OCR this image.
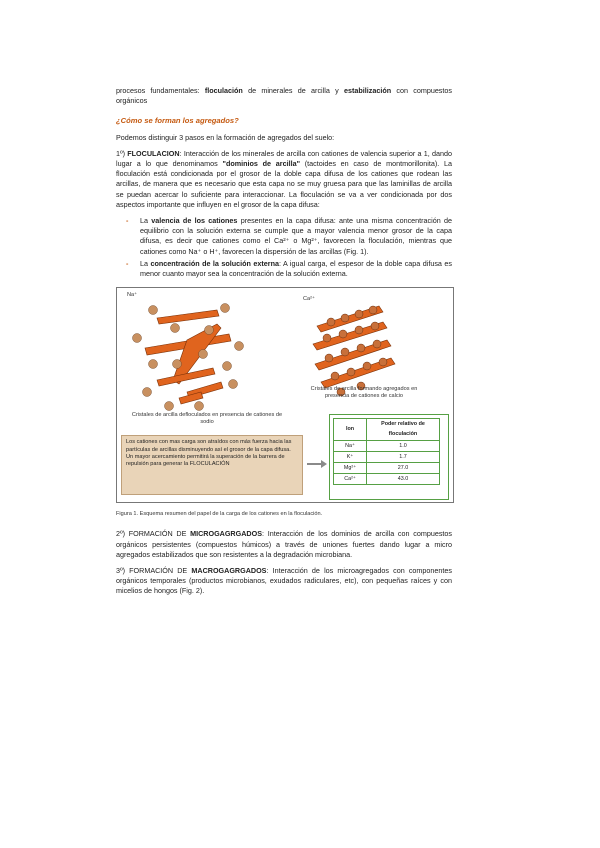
procesos fundamentales: floculación de minerales de arcilla y estabilización con compuestos orgánicos

¿Cómo se forman los agregados?

Podemos distinguir 3 pasos en la formación de agregados del suelo:

1º) FLOCULACION: Interacción de los minerales de arcilla con cationes de valencia superior a 1, dando lugar a lo que denominamos "dominios de arcilla" (tactoides en caso de montmorillonita). La floculación está condicionada por el grosor de la doble capa difusa de los cationes que rodean las arcillas, de manera que es necesario que esta capa no se muy gruesa para que las laminillas de arcilla se puedan acercar lo suficiente para interaccionar. La floculación se va a ver condicionada por dos aspectos importante que influyen en el grosor de la capa difusa:

- La valencia de los cationes presentes en la capa difusa: ante una misma concentración de equilibrio con la solución externa se cumple que a mayor valencia menor grosor de la capa difusa, es decir que cationes como el Ca²⁺ o Mg²⁺, favorecen la floculación, mientras que cationes como Na⁺ o H⁺, favorecen la dispersión de las arcillas (Fig. 1).
- La concentración de la solución externa: A igual carga, el espesor de la doble capa difusa es menor cuanto mayor sea la concentración de la solución externa.
Na⁺
Ca²⁺
Cristales de arcilla defloculados en presencia de cationes de sodio
Cristales de arcilla formando agregados en presencia de cationes de calcio
Los cationes con mas carga son atraídos con más fuerza hacia las partículas de arcillas disminuyendo así el grosor de la capa difusa. Un mayor acercamiento permitirá la superación de la barrera de repulsión para generar la FLOCULACIÓN
Ion	Poder relativo de floculación
Na⁺	1.0
K⁺	1.7
Mg²⁺	27.0
Ca²⁺	43.0
Figura 1. Esquema resumen del papel de la carga de los cationes en la floculación.

2º) FORMACIÓN DE MICROGAGRGADOS: Interacción de los dominios de arcilla con compuestos orgánicos persistentes (compuestos húmicos) a través de uniones fuertes dando lugar a micro agregados estabilizados que son resistentes a la degradación microbiana.

3º) FORMACIÓN DE MACROGAGRGADOS: Interacción de los microagregados con componentes orgánicos temporales (productos microbianos, exudados radiculares, etc), con pequeñas raíces y con micelios de hongos (Fig. 2).
